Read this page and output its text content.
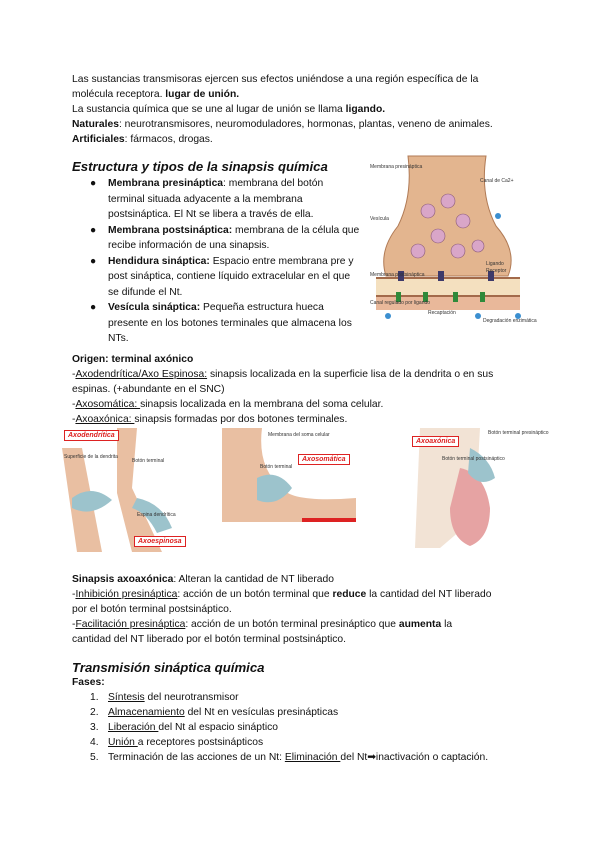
Las sustancias transmisoras ejercen sus efectos uniéndose a una región específica de la
molécula receptora. lugar de unión.
La sustancia química que se une al lugar de unión se llama ligando.
Naturales: neurotransmisores, neuromoduladores, hormonas, plantas, veneno de animales.
Artificiales: fármacos, drogas.
Estructura y tipos de la sinapsis química
● Membrana presináptica: membrana del botón terminal situada adyacente a la membrana postsináptica. El Nt se libera a través de ella.
● Membrana postsináptica: membrana de la célula que recibe información de una sinapsis.
● Hendidura sináptica: Espacio entre membrana pre y post sináptica, contiene líquido extracelular en el que se difunde el Nt.
● Vesícula sináptica: Pequeña estructura hueca presente en los botones terminales que almacena los NTs.
Membrana presináptica
Canal de Ca2+
Membrana postsináptica
Ligando
Receptor
Canal regulado por ligando
Vesícula
Recaptación
Degradación enzimática
Origen: terminal axónico
-Axodendrítica/Axo Espinosa: sinapsis localizada en la superficie lisa de la dendrita o en sus
espinas. (+abundante en el SNC)
-Axosomática: sinapsis localizada en la membrana del soma celular.
-Axoaxónica: sinapsis formadas por dos botones terminales.
Axodendrítica
Superficie de la dendrita
Botón terminal
Espina dendrítica
Axoespinosa
Membrana del soma celular
Axosomática
Botón terminal
Axoaxónica
Botón terminal presináptico
Botón terminal postsináptico
Sinapsis axoaxónica: Alteran la cantidad de NT liberado
-Inhibición presináptica: acción de un botón terminal que reduce la cantidad del NT liberado
por el botón terminal postsináptico.
-Facilitación presináptica: acción de un botón terminal presináptico que aumenta la
cantidad del NT liberado por el botón terminal postsináptico.
Transmisión sináptica química
Fases:
1. Síntesis del neurotransmisor
2. Almacenamiento del Nt en vesículas presinápticas
3. Liberación del Nt al espacio sináptico
4. Unión a receptores postsinápticos
5. Terminación de las acciones de un Nt: Eliminación del Nt➡inactivación o captación.
